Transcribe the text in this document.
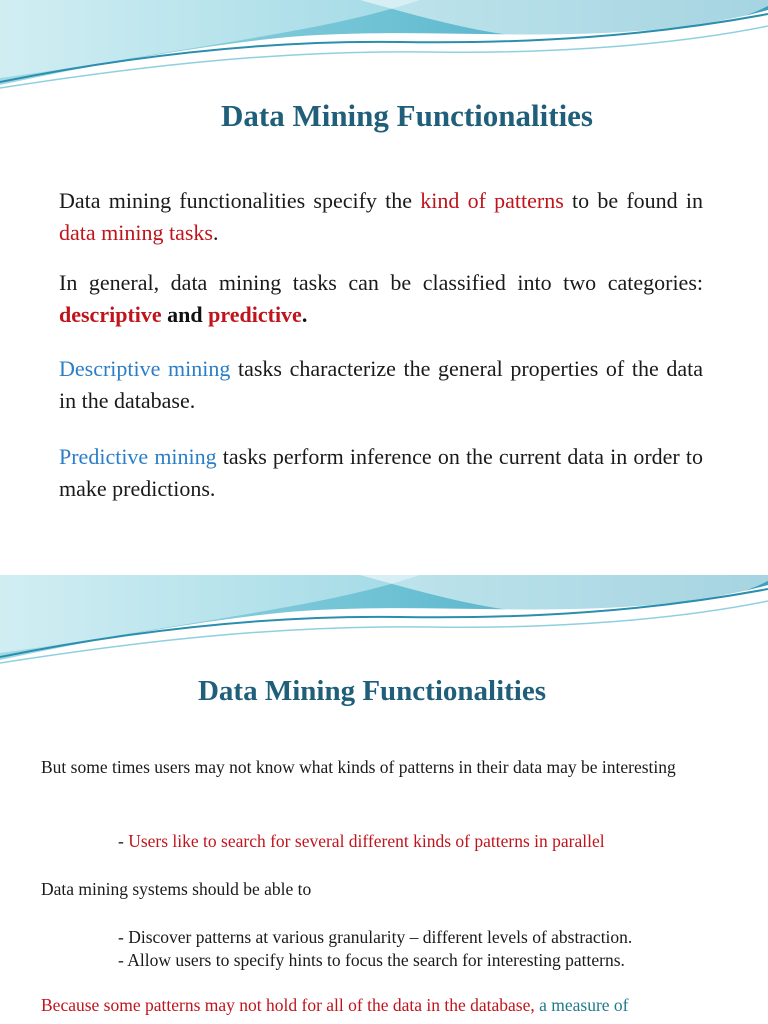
Data Mining Functionalities

Data mining functionalities specify the kind of patterns to be found in data mining tasks.

In general, data mining tasks can be classified into two categories: descriptive and predictive.

Descriptive mining tasks characterize the general properties of the data in the database.

Predictive mining tasks perform inference on the current data in order to make predictions.

Data Mining Functionalities

But some times users may not know what kinds of patterns in their data may be interesting

- Users like to search for several different kinds of patterns in parallel

Data mining systems should be able to

- Discover patterns at various granularity – different levels of abstraction.

- Allow users to specify hints to focus the search for interesting patterns.

Because some patterns may not hold for all of the data in the database, a measure of
